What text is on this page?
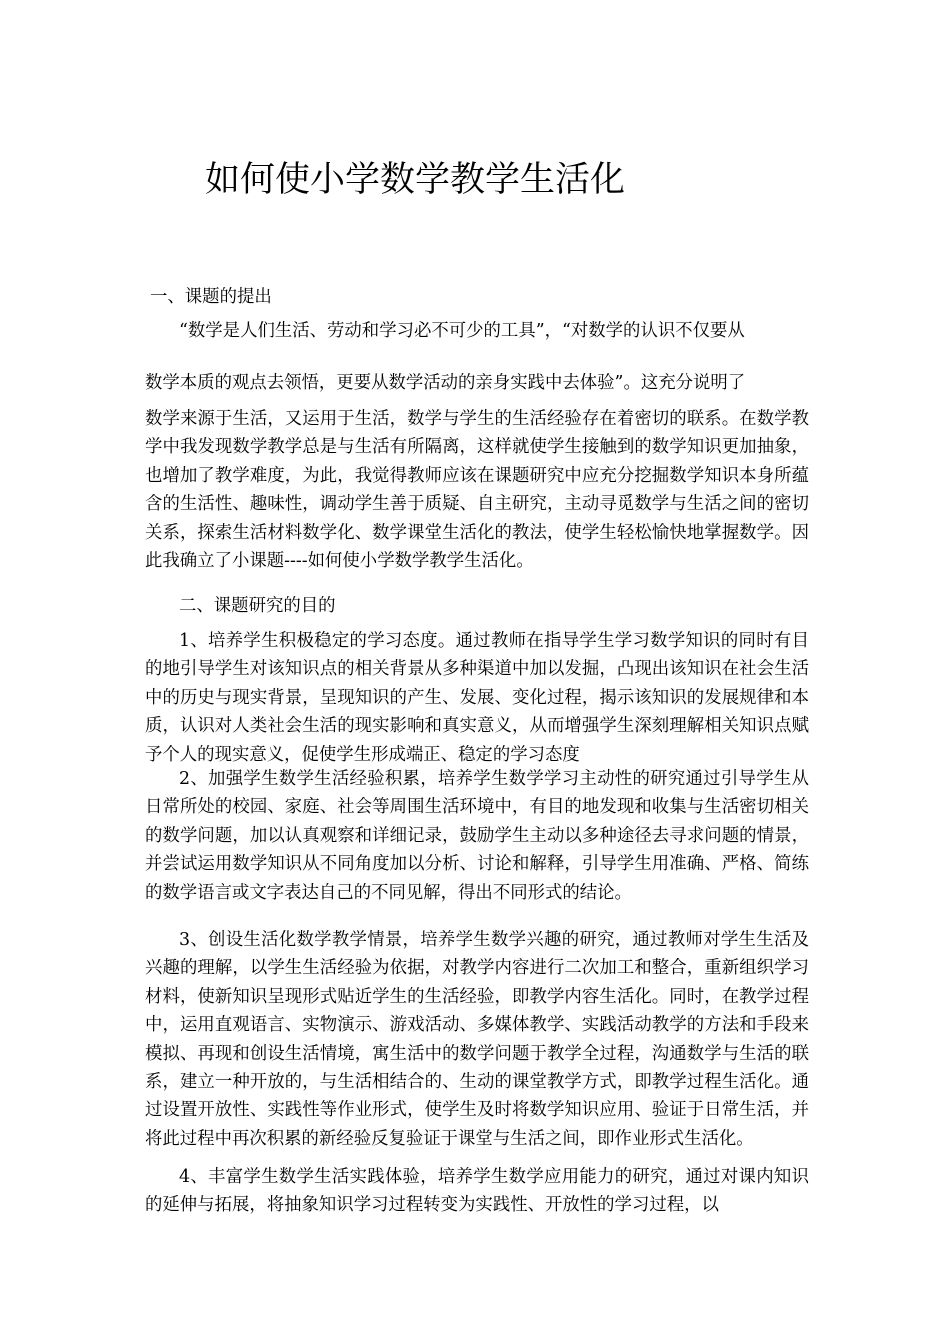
如何使小学数学教学生活化
一、课题的提出
“数学是人们生活、劳动和学习必不可少的工具”，“对数学的认识不仅要从
数学本质的观点去领悟，更要从数学活动的亲身实践中去体验”。这充分说明了

数学来源于生活，又运用于生活，数学与学生的生活经验存在着密切的联系。在数学教学中我发现数学教学总是与生活有所隔离，这样就使学生接触到的数学知识更加抽象，也增加了教学难度，为此，我觉得教师应该在课题研究中应充分挖掘数学知识本身所蕴含的生活性、趣味性，调动学生善于质疑、自主研究，主动寻觅数学与生活之间的密切关系，探索生活材料数学化、数学课堂生活化的教法，使学生轻松愉快地掌握数学。因此我确立了小课题----如何使小学数学教学生活化。

二、课题研究的目的

1、培养学生积极稳定的学习态度。通过教师在指导学生学习数学知识的同时有目的地引导学生对该知识点的相关背景从多种渠道中加以发掘，凸现出该知识在社会生活中的历史与现实背景，呈现知识的产生、发展、变化过程，揭示该知识的发展规律和本质，认识对人类社会生活的现实影响和真实意义，从而增强学生深刻理解相关知识点赋予个人的现实意义，促使学生形成端正、稳定的学习态度

2、加强学生数学生活经验积累，培养学生数学学习主动性的研究通过引导学生从日常所处的校园、家庭、社会等周围生活环境中，有目的地发现和收集与生活密切相关的数学问题，加以认真观察和详细记录，鼓励学生主动以多种途径去寻求问题的情景，并尝试运用数学知识从不同角度加以分析、讨论和解释，引导学生用准确、严格、简练的数学语言或文字表达自己的不同见解，得出不同形式的结论。

3、创设生活化数学教学情景，培养学生数学兴趣的研究，通过教师对学生生活及兴趣的理解，以学生生活经验为依据，对教学内容进行二次加工和整合，重新组织学习材料，使新知识呈现形式贴近学生的生活经验，即教学内容生活化。同时，在教学过程中，运用直观语言、实物演示、游戏活动、多媒体教学、实践活动教学的方法和手段来模拟、再现和创设生活情境，寓生活中的数学问题于教学全过程，沟通数学与生活的联系，建立一种开放的，与生活相结合的、生动的课堂教学方式，即教学过程生活化。通过设置开放性、实践性等作业形式，使学生及时将数学知识应用、验证于日常生活，并将此过程中再次积累的新经验反复验证于课堂与生活之间，即作业形式生活化。

4、丰富学生数学生活实践体验，培养学生数学应用能力的研究，通过对课内知识的延伸与拓展，将抽象知识学习过程转变为实践性、开放性的学习过程，以
